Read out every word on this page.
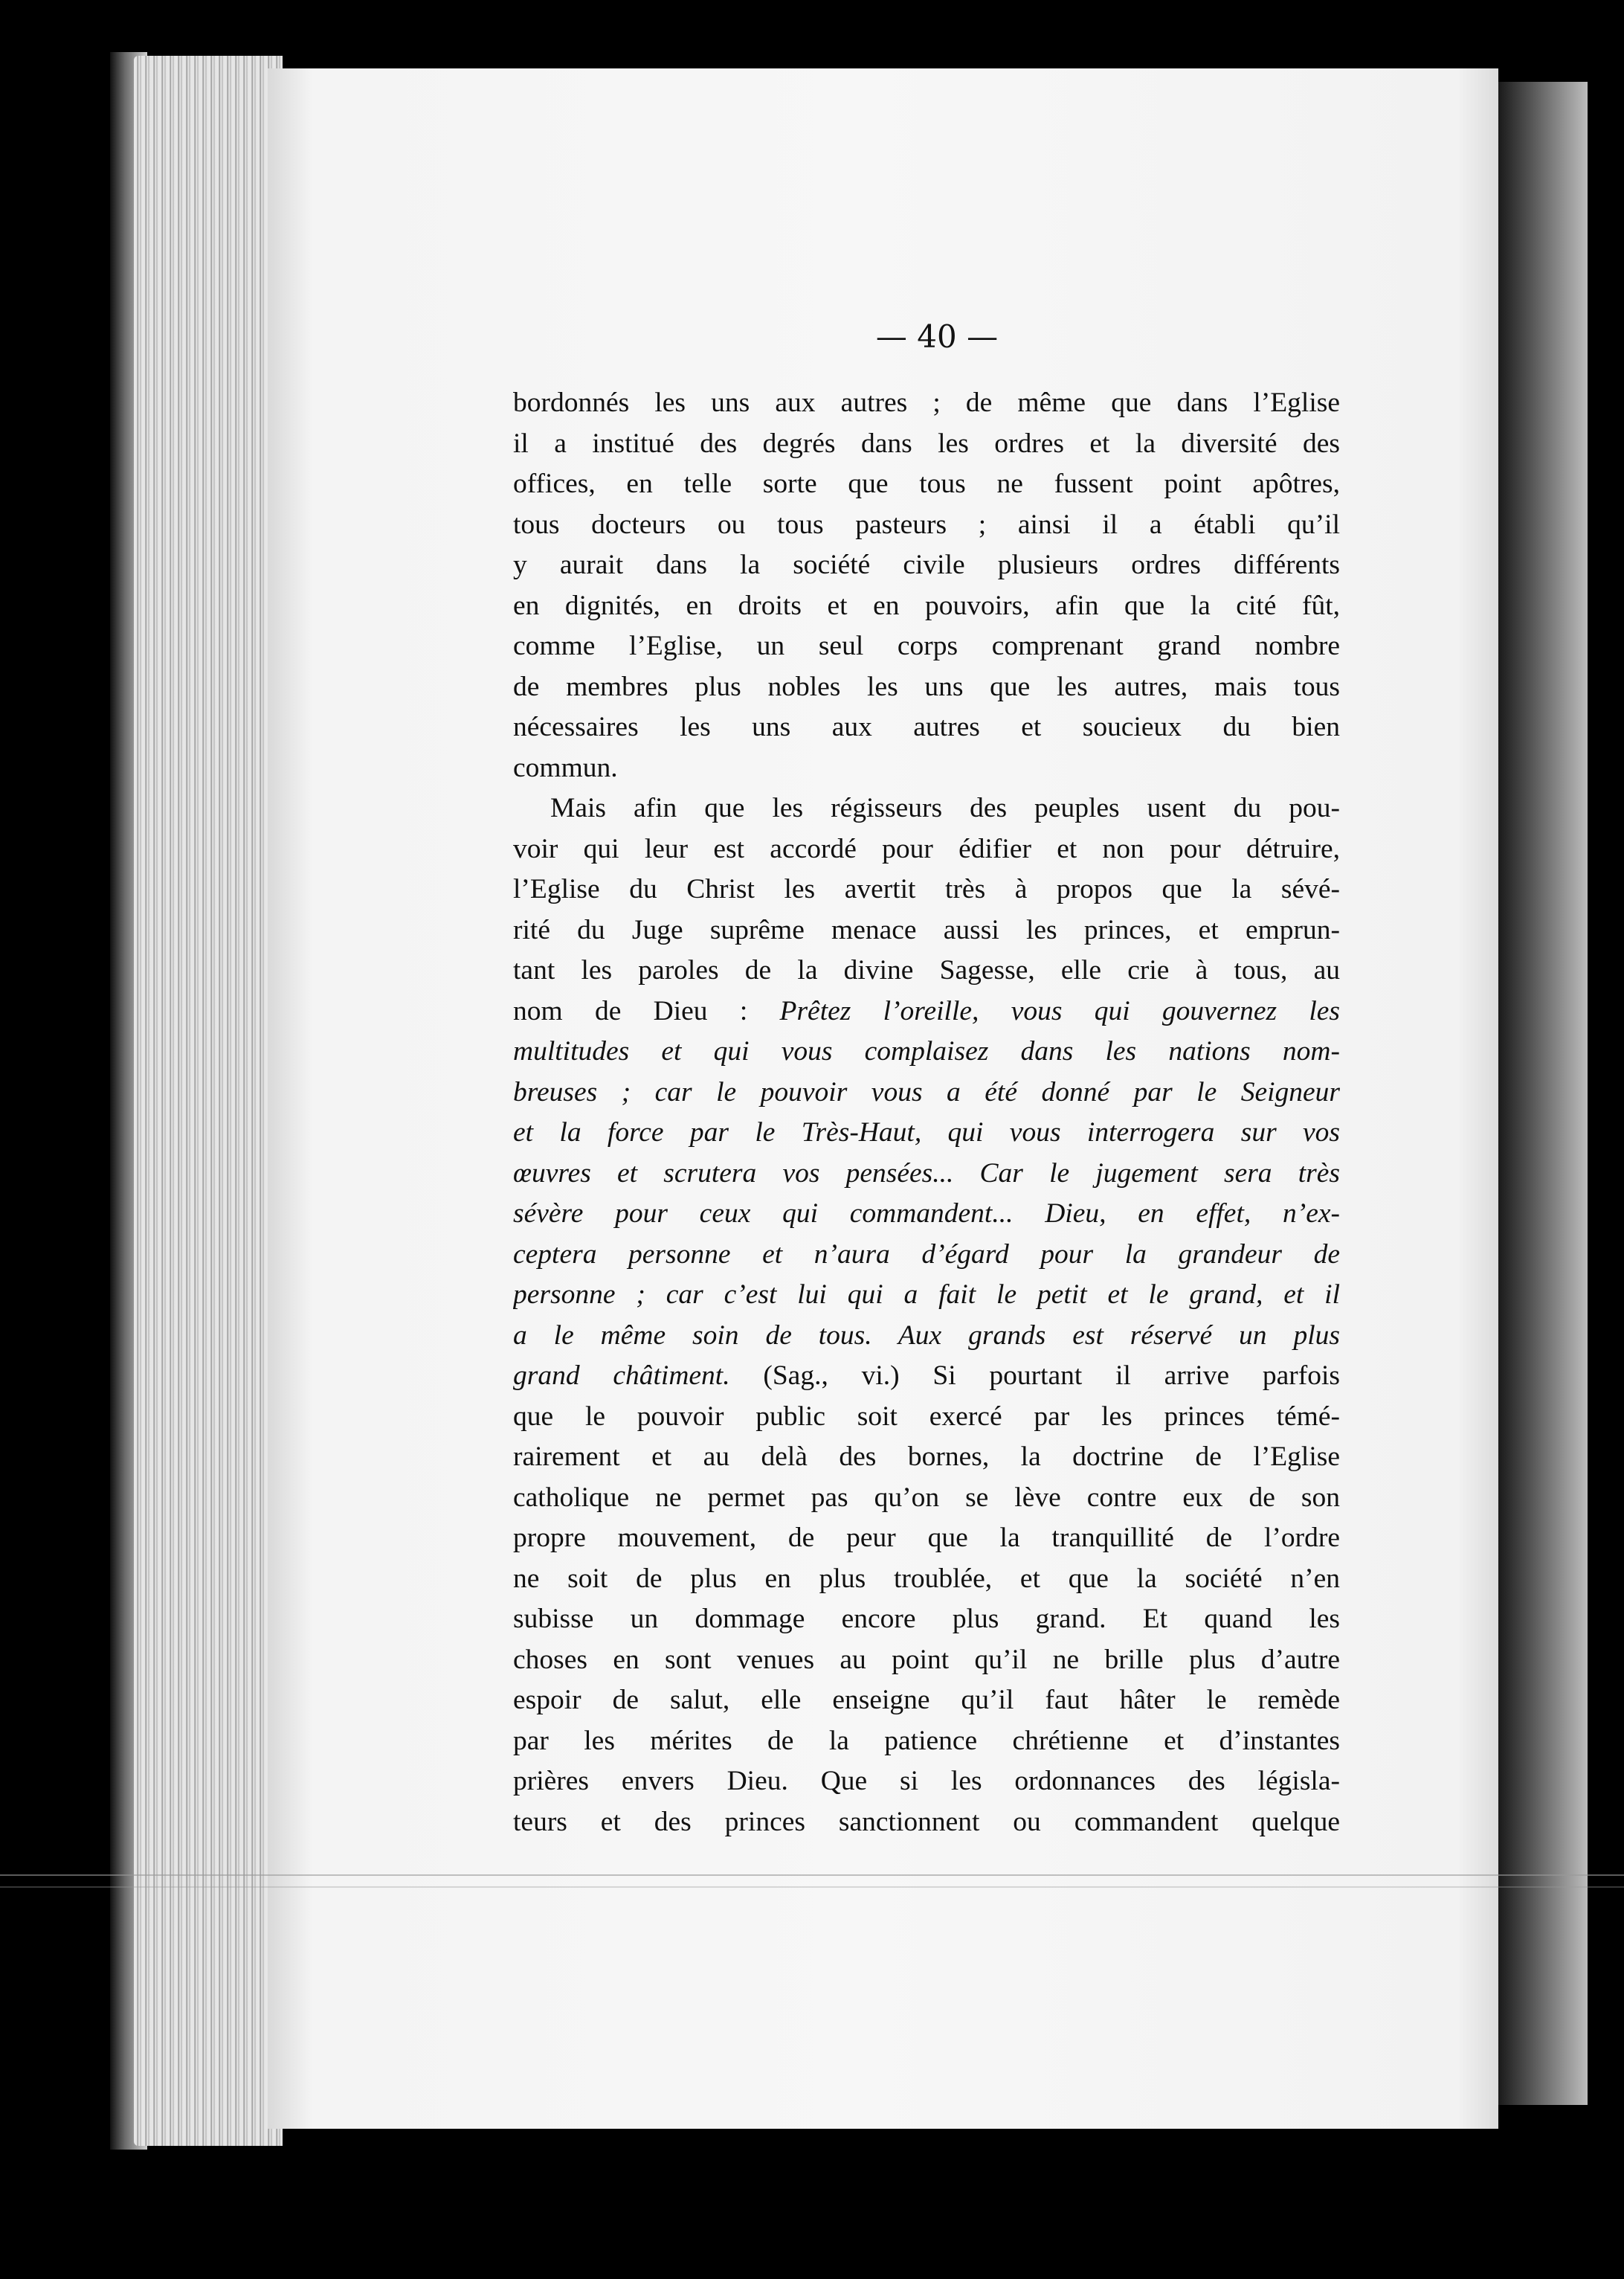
— 40 —
bordonnés les uns aux autres ; de même que dans l’Eglise
il a institué des degrés dans les ordres et la diversité des
offices, en telle sorte que tous ne fussent point apôtres,
tous docteurs ou tous pasteurs ; ainsi il a établi qu’il
y aurait dans la société civile plusieurs ordres différents
en dignités, en droits et en pouvoirs, afin que la cité fût,
comme l’Eglise, un seul corps comprenant grand nombre
de membres plus nobles les uns que les autres, mais tous
nécessaires les uns aux autres et soucieux du bien
commun.
Mais afin que les régisseurs des peuples usent du pou-
voir qui leur est accordé pour édifier et non pour détruire,
l’Eglise du Christ les avertit très à propos que la sévé-
rité du Juge suprême menace aussi les princes, et emprun-
tant les paroles de la divine Sagesse, elle crie à tous, au
nom de Dieu : Prêtez l’oreille, vous qui gouvernez les
multitudes et qui vous complaisez dans les nations nom-
breuses ; car le pouvoir vous a été donné par le Seigneur
et la force par le Très-Haut, qui vous interrogera sur vos
œuvres et scrutera vos pensées... Car le jugement sera très
sévère pour ceux qui commandent... Dieu, en effet, n’ex-
ceptera personne et n’aura d’égard pour la grandeur de
personne ; car c’est lui qui a fait le petit et le grand, et il
a le même soin de tous. Aux grands est réservé un plus
grand châtiment. (Sag., vi.) Si pourtant il arrive parfois
que le pouvoir public soit exercé par les princes témé-
rairement et au delà des bornes, la doctrine de l’Eglise
catholique ne permet pas qu’on se lève contre eux de son
propre mouvement, de peur que la tranquillité de l’ordre
ne soit de plus en plus troublée, et que la société n’en
subisse un dommage encore plus grand. Et quand les
choses en sont venues au point qu’il ne brille plus d’autre
espoir de salut, elle enseigne qu’il faut hâter le remède
par les mérites de la patience chrétienne et d’instantes
prières envers Dieu. Que si les ordonnances des législa-
teurs et des princes sanctionnent ou commandent quelque
